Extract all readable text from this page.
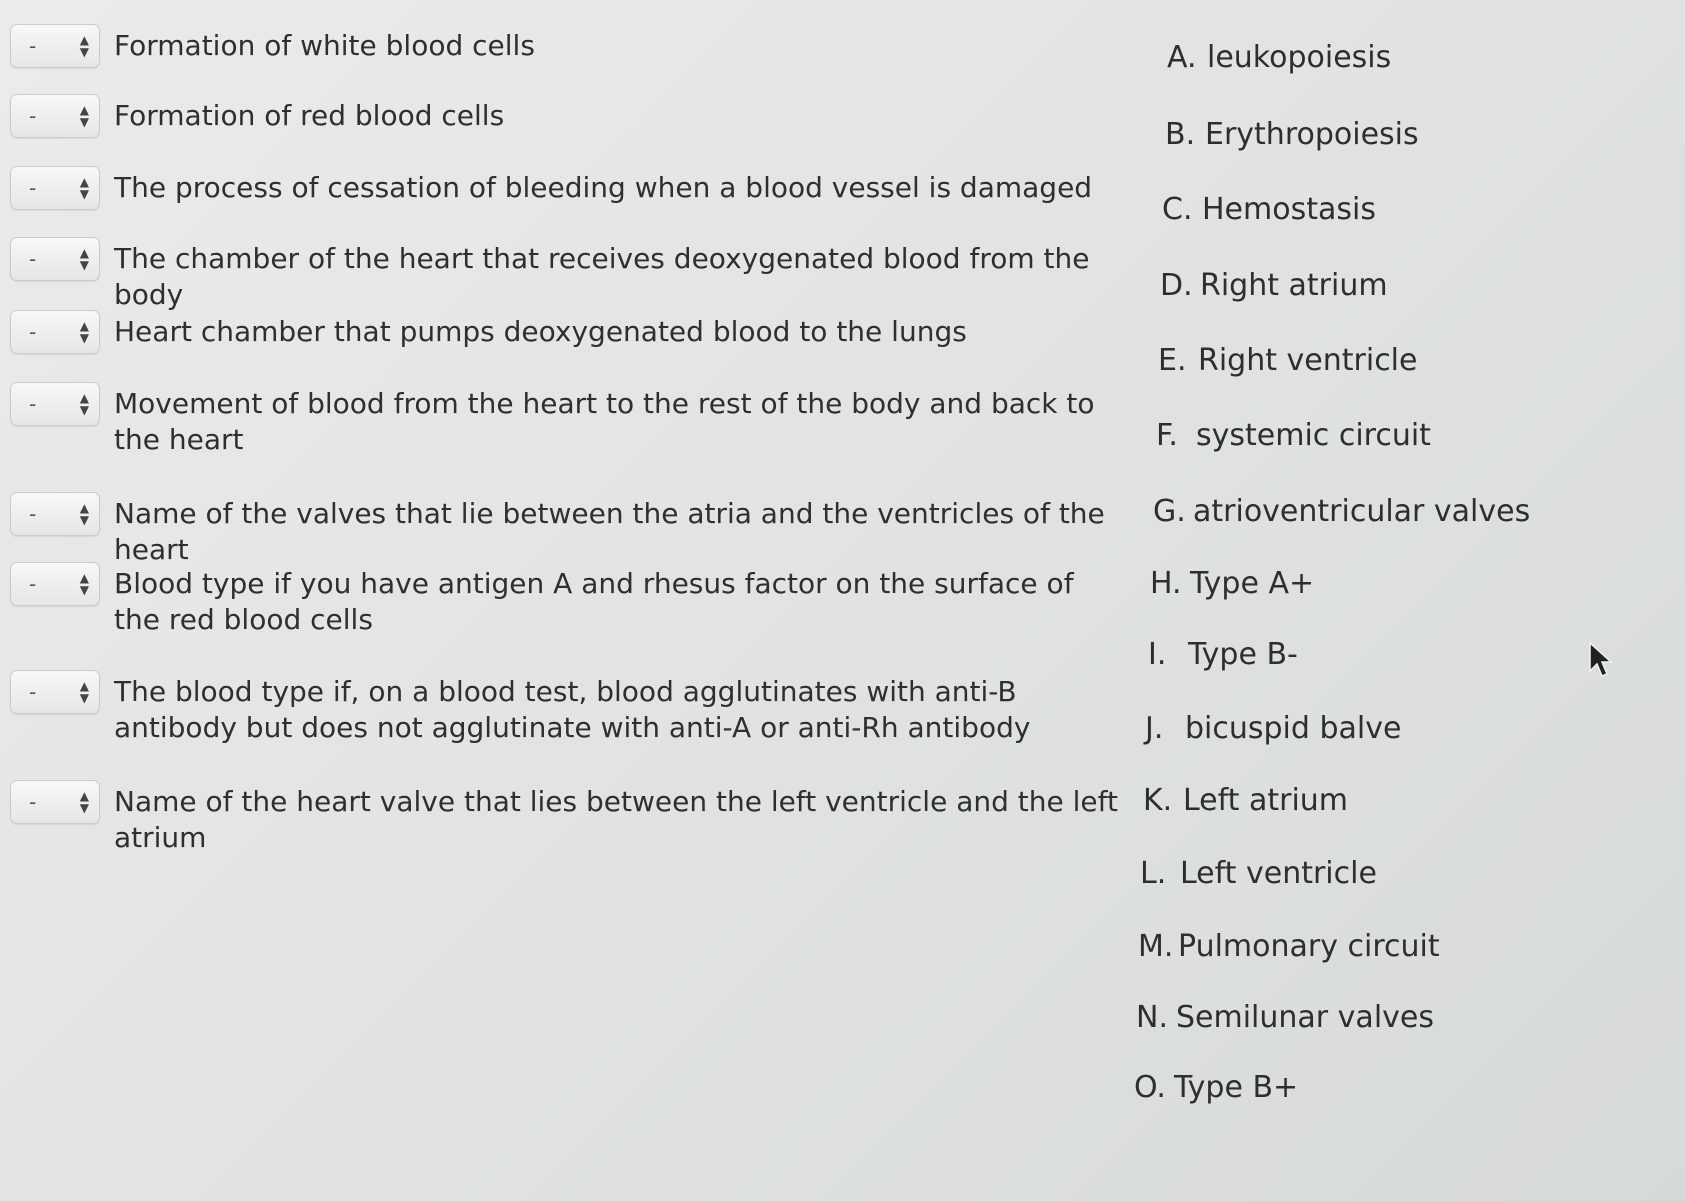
-	▲
▼ Formation of white blood cells
-	▲
▼ Formation of red blood cells
-	▲
▼ The process of cessation of bleeding when a blood vessel is damaged
-	▲
▼ The chamber of the heart that receives deoxygenated blood from the body
-	▲
▼ Heart chamber that pumps deoxygenated blood to the lungs
-	▲
▼ Movement of blood from the heart to the rest of the body and back to the heart
-	▲
▼ Name of the valves that lie between the atria and the ventricles of the heart
-	▲
▼ Blood type if you have antigen A and rhesus factor on the surface of the red blood cells
-	▲
▼ The blood type if, on a blood test, blood agglutinates with anti-B antibody but does not agglutinate with anti-A or anti-Rh antibody
-	▲
▼ Name of the heart valve that lies between the left ventricle and the left atrium
A. leukopoiesis
B. Erythropoiesis
C. Hemostasis
D. Right atrium
E. Right ventricle
F. systemic circuit
G. atrioventricular valves
H. Type A+
I. Type B-
J. bicuspid balve
K. Left atrium
L. Left ventricle
M. Pulmonary circuit
N. Semilunar valves
O. Type B+
